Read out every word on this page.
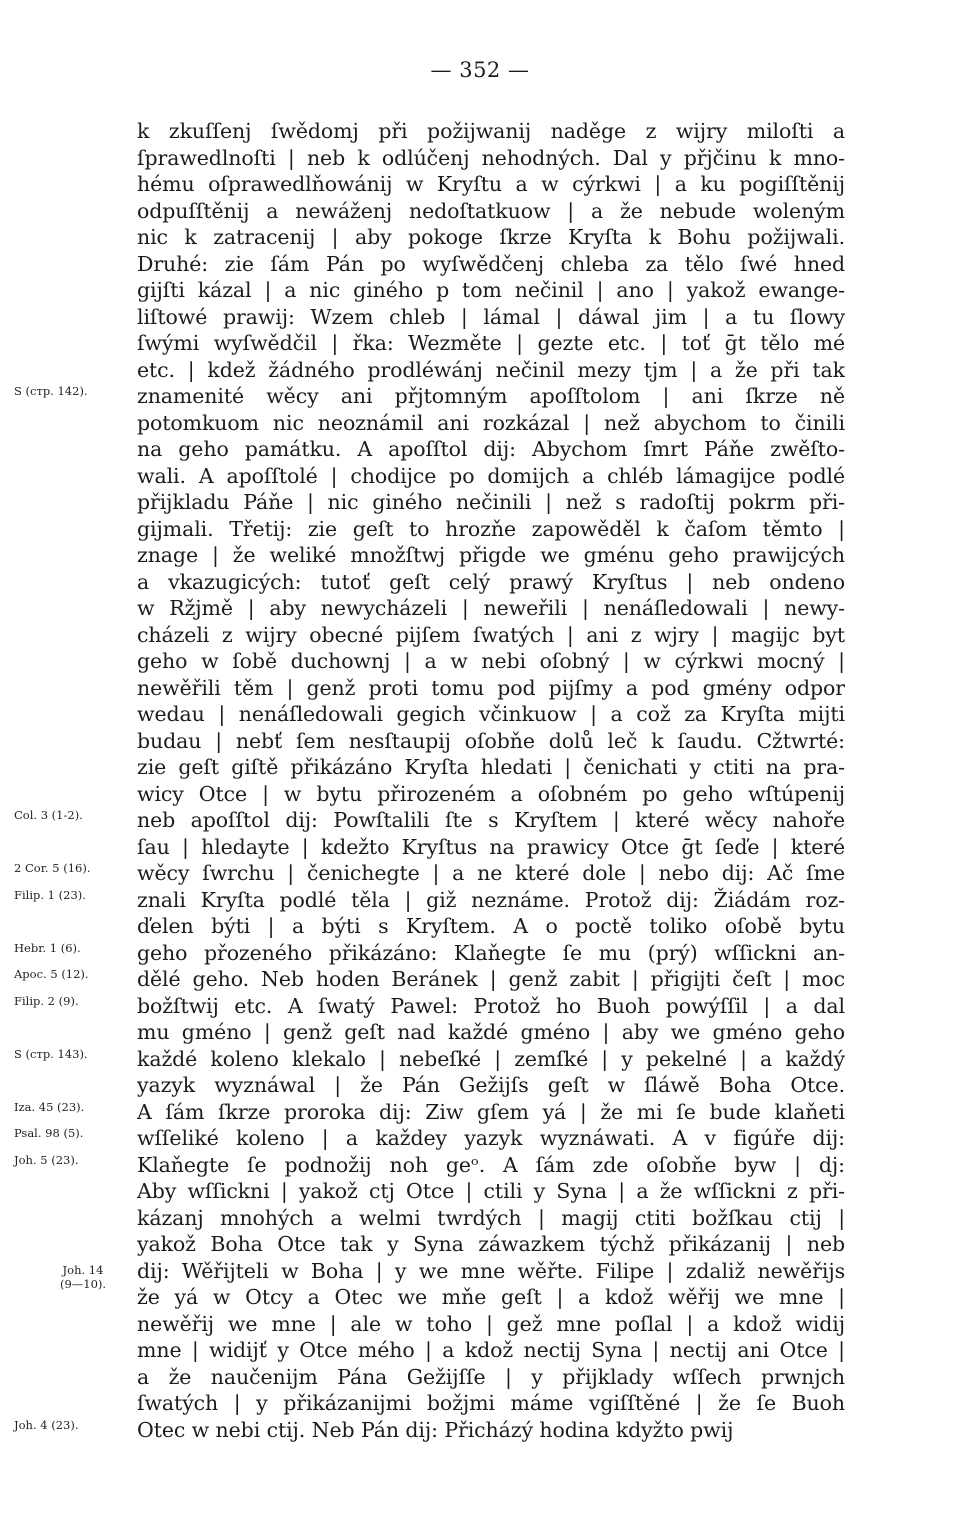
— 352 —
k zkuſſenj ſwědomj při požijwanij naděge z wijry miloſti a
ſprawedlnoſti | neb k odlúčenj nehodných. Dal y přjčinu k mno-
hému oſprawedlňowánij w Kryſtu a w cýrkwi | a ku pogiſſtěnij
odpuſſtěnij a newáženj nedoſtatkuow | a že nebude woleným
nic k zatracenij | aby pokoge ſkrze Kryſta k Bohu požijwali.
Druhé: zie ſám Pán po wyſwědčenj chleba za tělo ſwé hned
gijſti kázal | a nic giného p tom nečinil | ano | yakož ewange-
liſtowé prawij: Wzem chleb | lámal | dáwal jim | a tu ſlowy
ſwými wyſwědčil | řka: Wezměte | gezte etc. | toť ḡt tělo mé
etc. | kdež žádného prodléwánj nečinil mezy tjm | a že při tak
S (стр. 142).	znamenité wěcy ani přjtomným apoſſtolom | ani ſkrze ně
potomkuom nic neoznámil ani rozkázal | než abychom to činili
na geho památku. A apoſſtol dij: Abychom ſmrt Páňe zwěſto-
wali. A apoſſtolé | chodijce po domijch a chléb lámagijce podlé
přijkladu Páňe | nic giného nečinili | než s radoſtij pokrm při-
gijmali. Třetij: zie geſt to hrozňe zapowěděl k čaſom těmto |
znage | že weliké množſtwj přigde we gménu geho prawijcých
a vkazugicých: tutoť geſt celý prawý Kryſtus | neb ondeno
w Ržjmě | aby newycházeli | neweřili | nenáſledowali | newy-
cházeli z wijry obecné pijſem ſwatých | ani z wjry | magijc byt
geho w ſobě duchownj | a w nebi oſobný | w cýrkwi mocný |
newěřili těm | genž proti tomu pod pijſmy a pod gmény odpor
wedau | nenáſledowali gegich včinkuow | a což za Kryſta mijti
budau | nebť ſem nesſtaupij oſobňe dolů leč k ſaudu. Cžtwrté:
zie geſt giſtě přikázáno Kryſta hledati | čenichati y ctiti na pra-
wicy Otce | w bytu přirozeném a oſobném po geho wſtúpenij
Col. 3 (1-2).	neb apoſſtol dij: Powſtalili ſte s Kryſtem | které wěcy nahoře
ſau | hledayte | kdežto Kryſtus na prawicy Otce ḡt ſeďe | které
2 Cor. 5 (16).	wěcy ſwrchu | čenichegte | a ne které dole | nebo dij: Ač ſme
Filip. 1 (23).	znali Kryſta podlé těla | giž neznáme. Protož dij: Žiádám roz-
ďelen býti | a býti s Kryſtem. A o poctě toliko oſobě bytu
Hebr. 1 (6).	geho přozeného přikázáno: Klaňegte ſe mu (prý) wſſickni an-
Apoc. 5 (12).	dělé geho. Neb hoden Beránek | genž zabit | přigijti čeſt | moc
Filip. 2 (9).	božſtwij etc. A ſwatý Pawel: Protož ho Buoh powýſſil | a dal
mu gméno | genž geſt nad každé gméno | aby we gméno geho
S (стр. 143).	každé koleno klekalo | nebeſké | zemſké | y pekelné | a každý
yazyk wyznáwal | že Pán Gežijſs geſt w ſláwě Boha Otce.
Iza. 45 (23).	A ſám ſkrze proroka dij: Ziw gſem yá | že mi ſe bude klaňeti
Psal. 98 (5).	wſſeliké koleno | a každey yazyk wyznáwati. A v figúře dij:
Joh. 5 (23).	Klaňegte ſe podnožij noh geᵒ. A ſám zde oſobňe byw | dj:
Aby wſſickni | yakož ctj Otce | ctili y Syna | a že wſſickni z při-
kázanj mnohých a welmi twrdých | magij ctiti božſkau ctij |
yakož Boha Otce tak y Syna záwazkem týchž přikázanij | neb
Joh. 14	dij: Wěřijteli w Boha | y we mne wěřte. Filipe | zdaliž newěřijs
(9—10).
že yá w Otcy a Otec we mňe geſt | a kdož wěřij we mne |
newěřij we mne | ale w toho | gež mne poſlal | a kdož widij
mne | widijť y Otce mého | a kdož nectij Syna | nectij ani Otce |
a že naučenijm Pána Gežijſſe | y přijklady wſſech prwnjch
ſwatých | y přikázanijmi božjmi máme vgiſſtěné | že ſe Buoh
Joh. 4 (23).	Otec w nebi ctij. Neb Pán dij: Přicházý hodina kdyžto pwij
